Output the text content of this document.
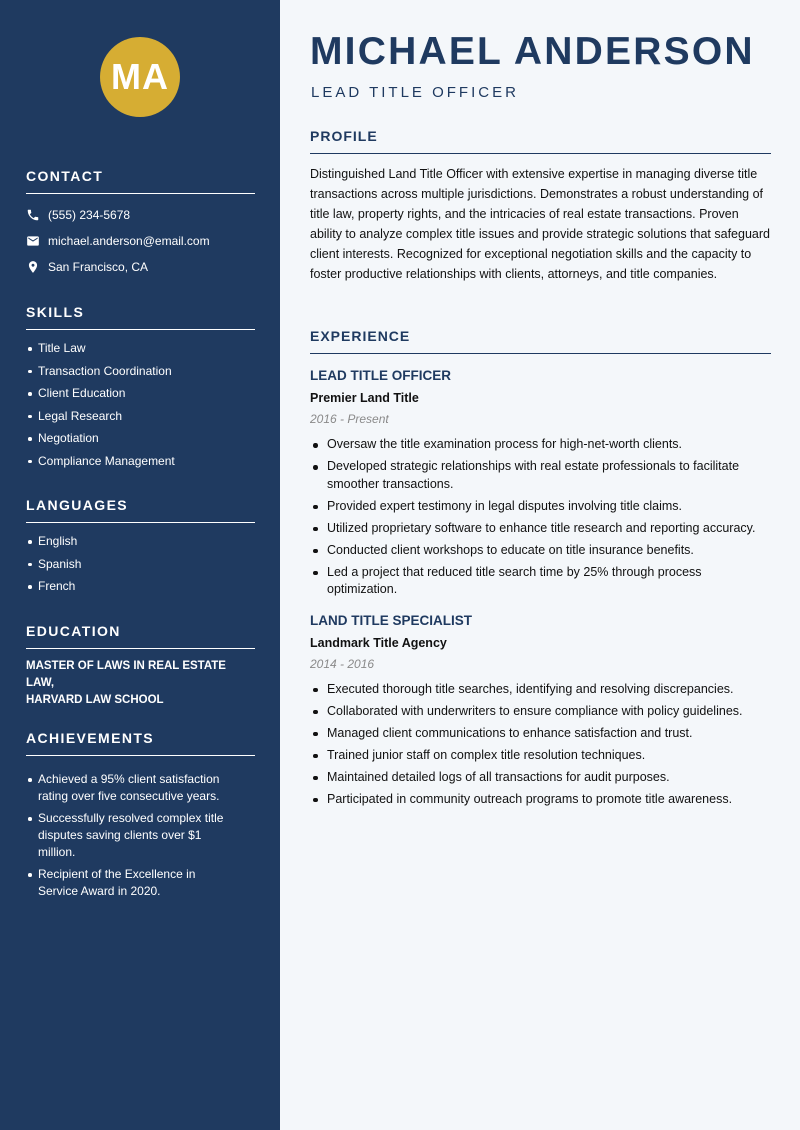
MA
CONTACT
(555) 234-5678
michael.anderson@email.com
San Francisco, CA
SKILLS
Title Law
Transaction Coordination
Client Education
Legal Research
Negotiation
Compliance Management
LANGUAGES
English
Spanish
French
EDUCATION
MASTER OF LAWS IN REAL ESTATE LAW,
HARVARD LAW SCHOOL
ACHIEVEMENTS
Achieved a 95% client satisfaction rating over five consecutive years.
Successfully resolved complex title disputes saving clients over $1 million.
Recipient of the Excellence in Service Award in 2020.
MICHAEL ANDERSON
LEAD TITLE OFFICER
PROFILE
Distinguished Land Title Officer with extensive expertise in managing diverse title transactions across multiple jurisdictions. Demonstrates a robust understanding of title law, property rights, and the intricacies of real estate transactions. Proven ability to analyze complex title issues and provide strategic solutions that safeguard client interests. Recognized for exceptional negotiation skills and the capacity to foster productive relationships with clients, attorneys, and title companies.
EXPERIENCE
LEAD TITLE OFFICER
Premier Land Title
2016 - Present
Oversaw the title examination process for high-net-worth clients.
Developed strategic relationships with real estate professionals to facilitate smoother transactions.
Provided expert testimony in legal disputes involving title claims.
Utilized proprietary software to enhance title research and reporting accuracy.
Conducted client workshops to educate on title insurance benefits.
Led a project that reduced title search time by 25% through process optimization.
LAND TITLE SPECIALIST
Landmark Title Agency
2014 - 2016
Executed thorough title searches, identifying and resolving discrepancies.
Collaborated with underwriters to ensure compliance with policy guidelines.
Managed client communications to enhance satisfaction and trust.
Trained junior staff on complex title resolution techniques.
Maintained detailed logs of all transactions for audit purposes.
Participated in community outreach programs to promote title awareness.
